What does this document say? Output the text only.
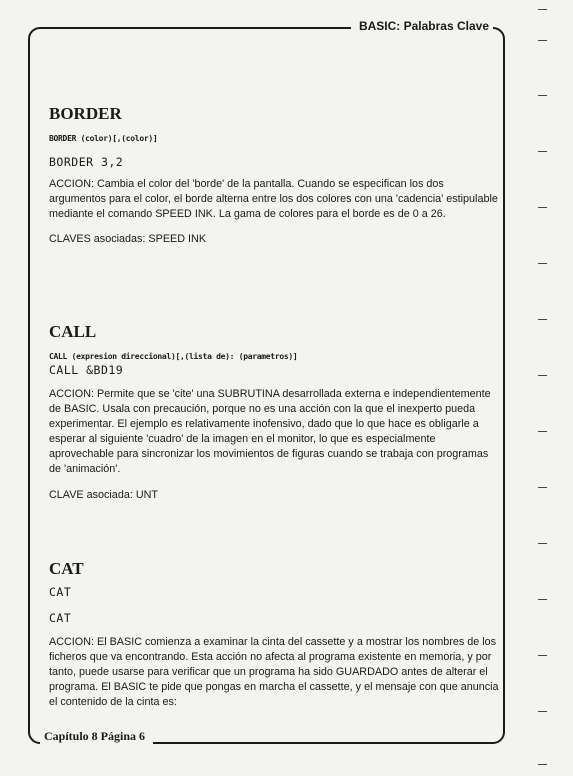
BASIC: Palabras Clave
Capítulo 8 Página 6

BORDER

BORDER (color)[,(color)]

BORDER 3,2

ACCION: Cambia el color del 'borde' de la pantalla. Cuando se especifican los dos argumentos para el color, el borde alterna entre los dos colores con una 'cadencia' estipulable mediante el comando SPEED INK. La gama de colores para el borde es de 0 a 26.

CLAVES asociadas: SPEED INK

CALL

CALL (expresion direccional)[,(lista de): (parametros)]

CALL &BD19

ACCION: Permite que se 'cite' una SUBRUTINA desarrollada externa e independientemente de BASIC. Usala con precaución, porque no es una acción con la que el inexperto pueda experimentar. El ejemplo es relativamente inofensivo, dado que lo que hace es obligarle a esperar al siguiente 'cuadro' de la imagen en el monitor, lo que es especialmente aprovechable para sincronizar los movimientos de figuras cuando se trabaja con programas de 'animación'.

CLAVE asociada: UNT

CAT

CAT

CAT

ACCION: El BASIC comienza a examinar la cinta del cassette y a mostrar los nombres de los ficheros que va encontrando. Esta acción no afecta al programa existente en memoria, y por tanto, puede usarse para verificar que un programa ha sido GUARDADO antes de alterar el programa. El BASIC te pide que pongas en marcha el cassette, y el mensaje con que anuncia el contenido de la cinta es:
